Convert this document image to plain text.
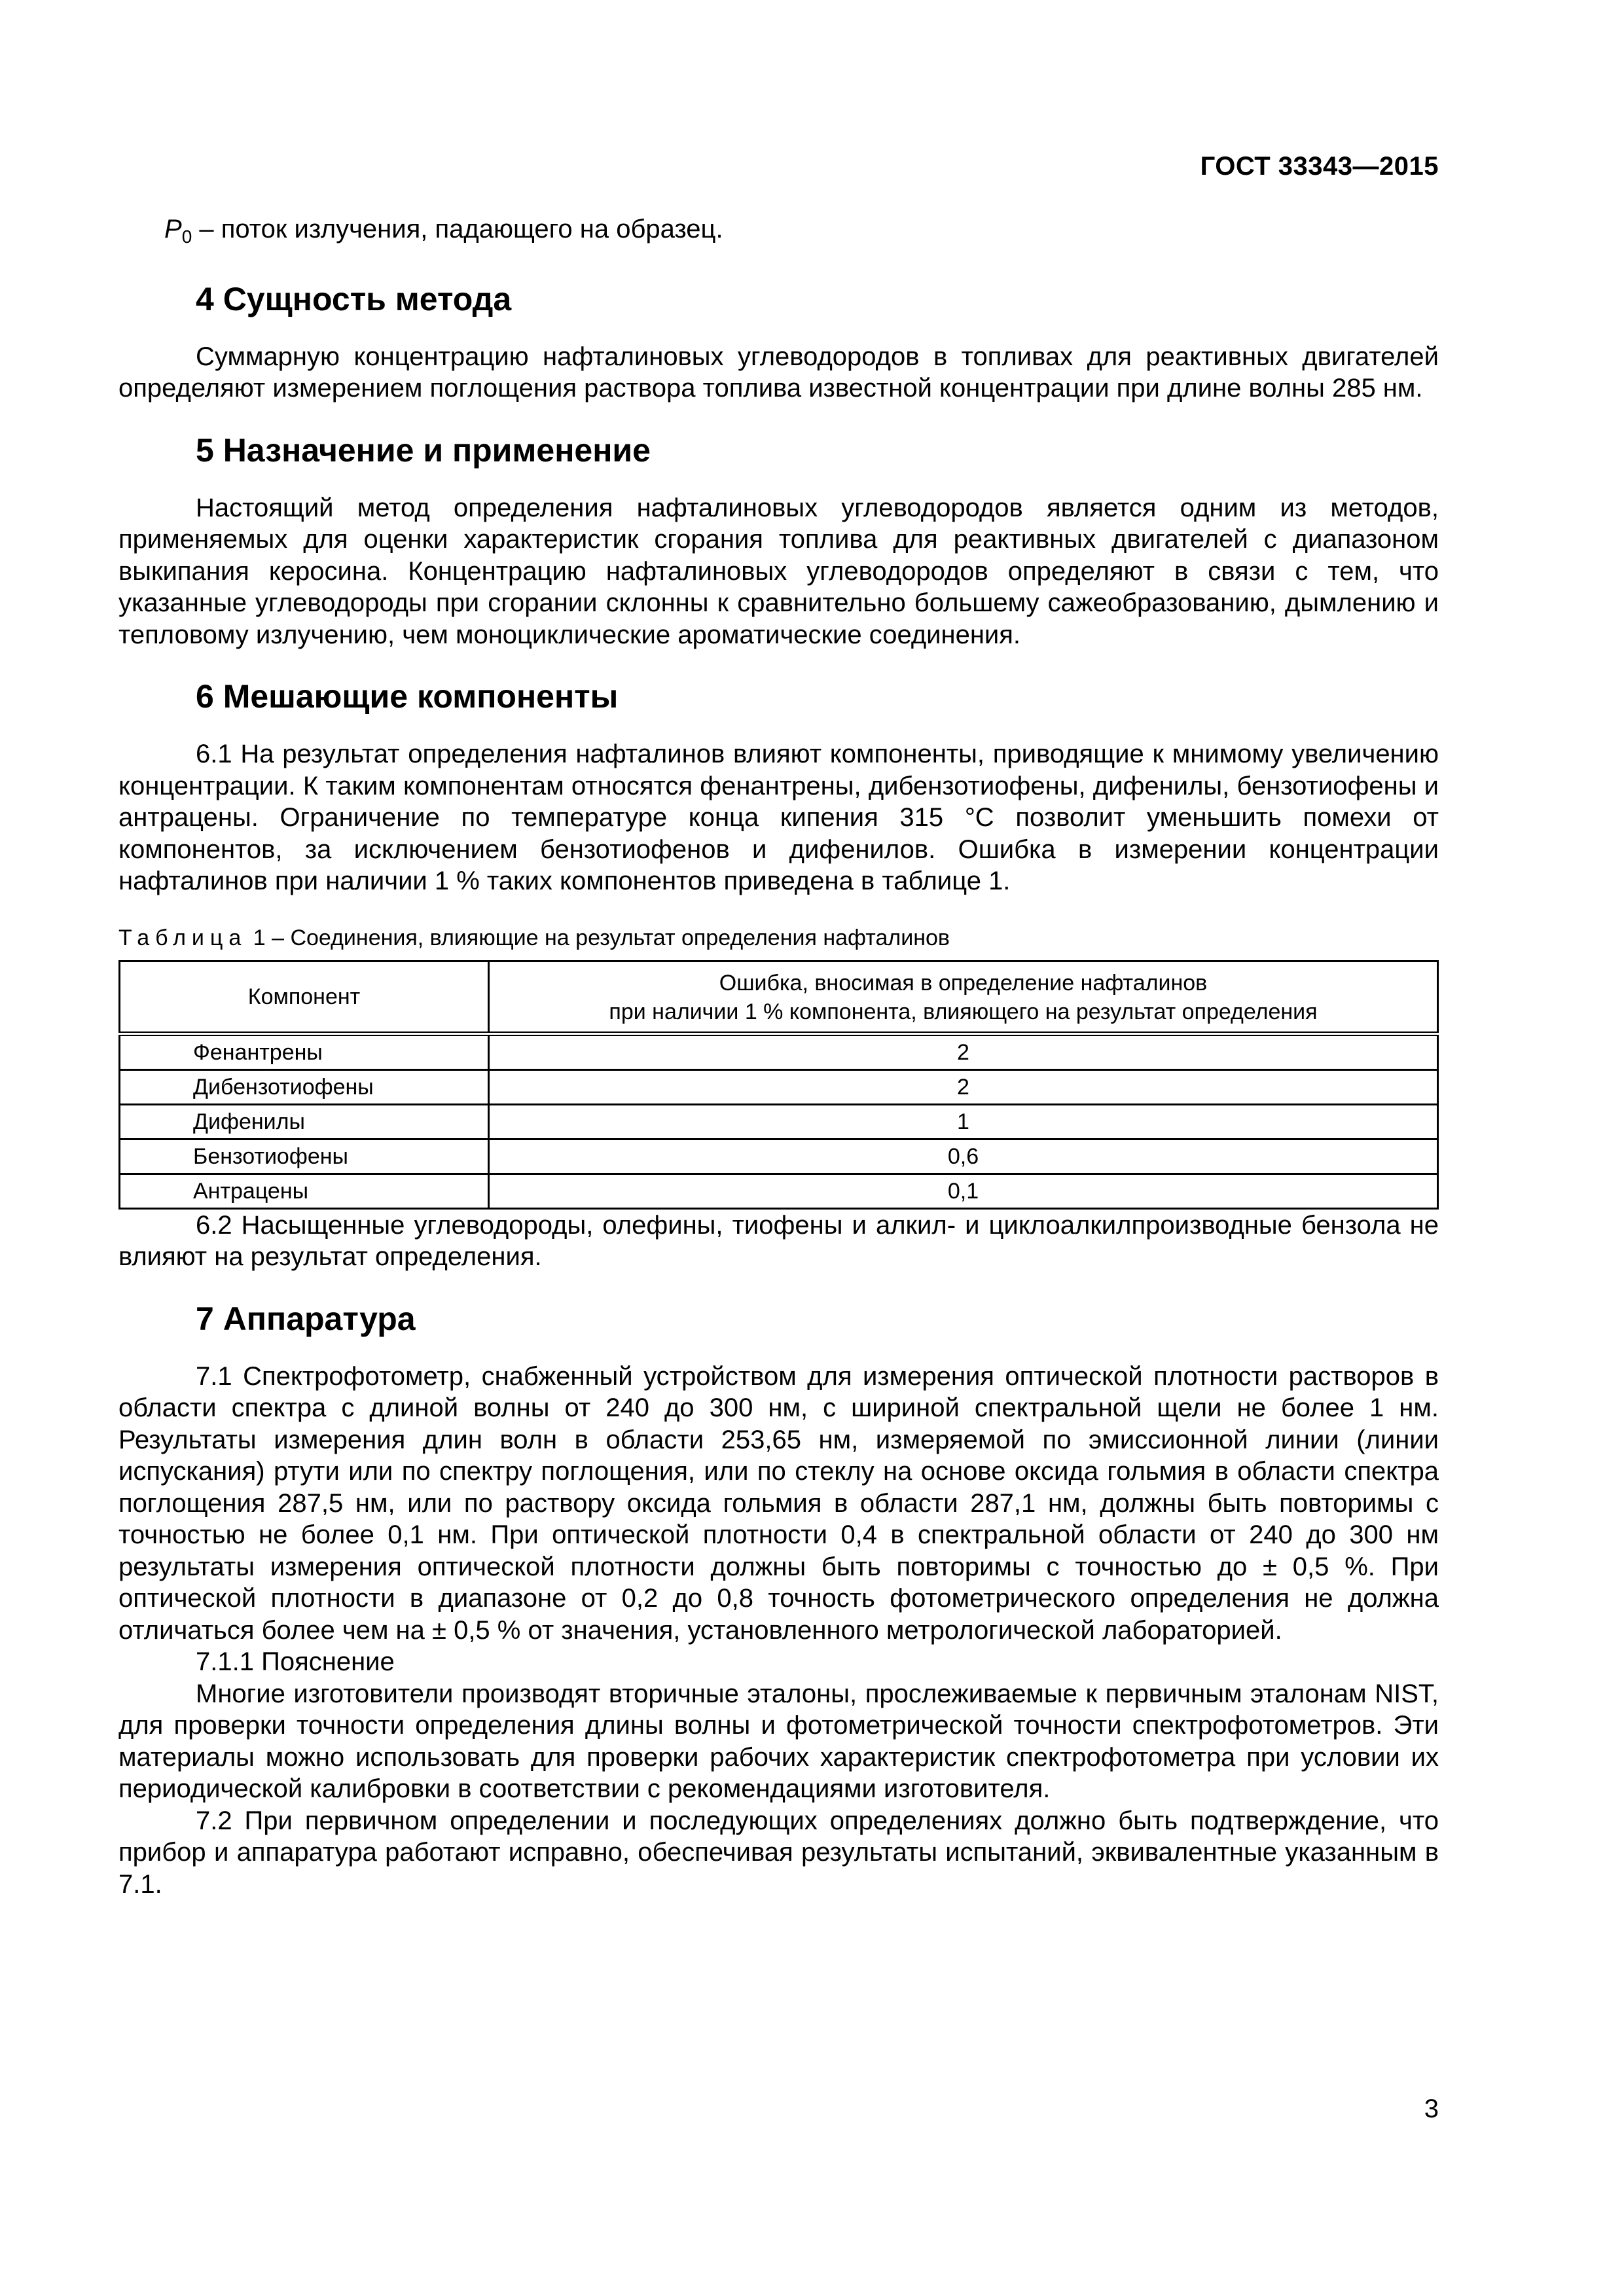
ГОСТ 33343—2015

$P_0$ – поток излучения, падающего на образец.

4 Сущность метода

Суммарную концентрацию нафталиновых углеводородов в топливах для реактивных двигателей определяют измерением поглощения раствора топлива известной концентрации при длине волны 285 нм.

5 Назначение и применение

Настоящий метод определения нафталиновых углеводородов является одним из методов, применяемых для оценки характеристик сгорания топлива для реактивных двигателей с диапазоном выкипания керосина. Концентрацию нафталиновых углеводородов определяют в связи с тем, что указанные углеводороды при сгорании склонны к сравнительно большему сажеобразованию, дымлению и тепловому излучению, чем моноциклические ароматические соединения.

6 Мешающие компоненты

6.1 На результат определения нафталинов влияют компоненты, приводящие к мнимому увеличению концентрации. К таким компонентам относятся фенантрены, дибензотиофены, дифенилы, бензотиофены и антрацены. Ограничение по температуре конца кипения 315 °С позволит уменьшить помехи от компонентов, за исключением бензотиофенов и дифенилов. Ошибка в измерении концентрации нафталинов при наличии 1 % таких компонентов приведена в таблице 1.

Таблица 1 – Соединения, влияющие на результат определения нафталинов
Компонент	Ошибка, вносимая в определение нафталинов
при наличии 1 % компонента, влияющего на результат определения

Фенантрены	2
Дибензотиофены	2
Дифенилы	1
Бензотиофены	0,6
Антрацены	0,1

6.2 Насыщенные углеводороды, олефины, тиофены и алкил- и циклоалкилпроизводные бензола не влияют на результат определения.

7 Аппаратура

7.1 Спектрофотометр, снабженный устройством для измерения оптической плотности растворов в области спектра с длиной волны от 240 до 300 нм, с шириной спектральной щели не более 1 нм. Результаты измерения длин волн в области 253,65 нм, измеряемой по эмиссионной линии (линии испускания) ртути или по спектру поглощения, или по стеклу на основе оксида гольмия в области спектра поглощения 287,5 нм, или по раствору оксида гольмия в области 287,1 нм, должны быть повторимы с точностью не более 0,1 нм. При оптической плотности 0,4 в спектральной области от 240 до 300 нм результаты измерения оптической плотности должны быть повторимы с точностью до ± 0,5 %. При оптической плотности в диапазоне от 0,2 до 0,8 точность фотометрического определения не должна отличаться более чем на ± 0,5 % от значения, установленного метрологической лабораторией.

7.1.1 Пояснение

Многие изготовители производят вторичные эталоны, прослеживаемые к первичным эталонам NIST, для проверки точности определения длины волны и фотометрической точности спектрофотометров. Эти материалы можно использовать для проверки рабочих характеристик спектрофотометра при условии их периодической калибровки в соответствии с рекомендациями изготовителя.

7.2 При первичном определении и последующих определениях должно быть подтверждение, что прибор и аппаратура работают исправно, обеспечивая результаты испытаний, эквивалентные указанным в 7.1.

3
